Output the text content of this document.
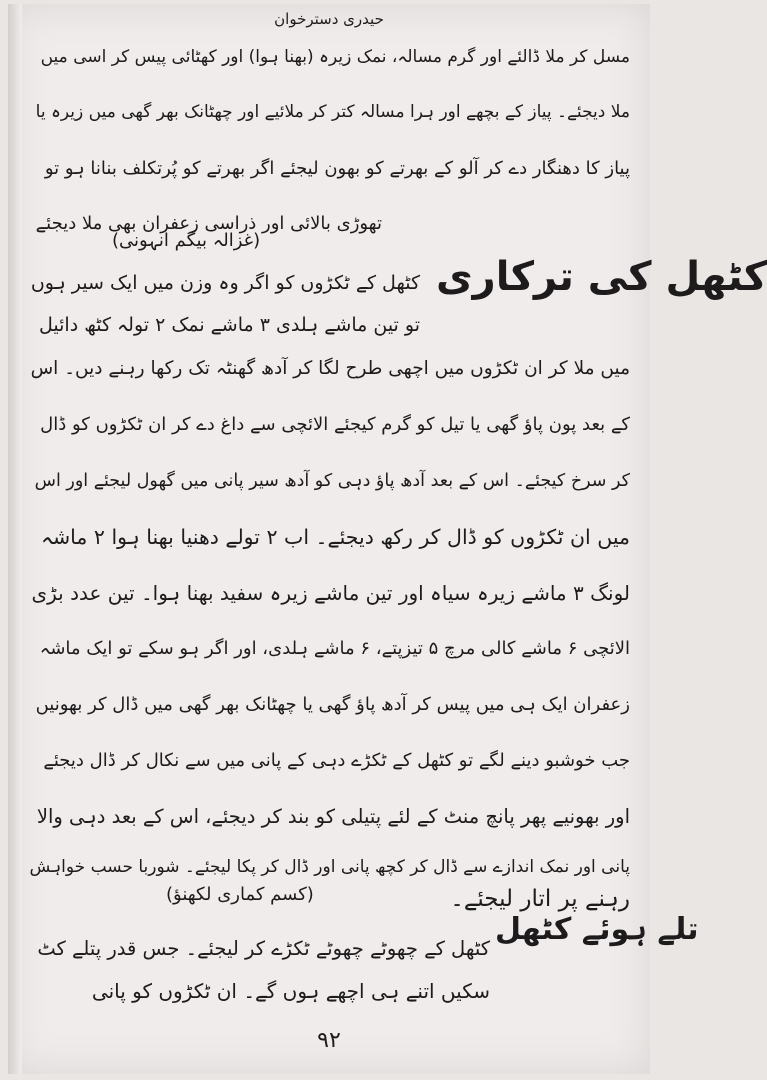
حیدری دسترخوان
مسل کر ملا ڈالئے اور گرم مسالہ، نمک زیرہ (بھنا ہوا) اور کھٹائی پیس کر اسی میں
ملا دیجئے۔ پیاز کے بچھے اور ہرا مسالہ کتر کر ملائیے اور چھٹانک بھر گھی میں زیرہ یا
پیاز کا دھنگار دے کر آلو کے بھرتے کو بھون لیجئے اگر بھرتے کو پُرتکلف بنانا ہو تو
تھوڑی بالائی اور ذراسی زعفران بھی ملا دیجئے
(غزالہ بیگم انہونی)
کٹھل کی ترکاری
کٹھل کے ٹکڑوں کو اگر وہ وزن میں ایک سیر ہوں
تو تین ماشے ہلدی ۳ ماشے نمک ۲ تولہ کٹھ دائیل
میں ملا کر ان ٹکڑوں میں اچھی طرح لگا کر آدھ گھنٹہ تک رکھا رہنے دیں۔ اس
کے بعد پون پاؤ گھی یا تیل کو گرم کیجئے الائچی سے داغ دے کر ان ٹکڑوں کو ڈال
کر سرخ کیجئے۔ اس کے بعد آدھ پاؤ دہی کو آدھ سیر پانی میں گھول لیجئے اور اس
میں ان ٹکڑوں کو ڈال کر رکھ دیجئے۔ اب ۲ تولے دھنیا بھنا ہوا ۲ ماشہ
لونگ ۳ ماشے زیرہ سیاہ اور تین ماشے زیرہ سفید بھنا ہوا۔ تین عدد بڑی
الائچی ۶ ماشے کالی مرچ ۵ تیزپتے، ۶ ماشے ہلدی، اور اگر ہو سکے تو ایک ماشہ
زعفران ایک ہی میں پیس کر آدھ پاؤ گھی یا چھٹانک بھر گھی میں ڈال کر بھونیں
جب خوشبو دینے لگے تو کٹھل کے ٹکڑے دہی کے پانی میں سے نکال کر ڈال دیجئے
اور بھونیے پھر پانچ منٹ کے لئے پتیلی کو بند کر دیجئے، اس کے بعد دہی والا
پانی اور نمک اندازے سے ڈال کر کچھ پانی اور ڈال کر پکا لیجئے۔ شوربا حسب خواہش
رہنے پر اتار لیجئے۔
(کسم کماری لکھنؤ)
تلے ہوئے کٹھل
کٹھل کے چھوٹے چھوٹے ٹکڑے کر لیجئے۔ جس قدر پتلے کٹ
سکیں اتنے ہی اچھے ہوں گے۔ ان ٹکڑوں کو پانی
۹۲
